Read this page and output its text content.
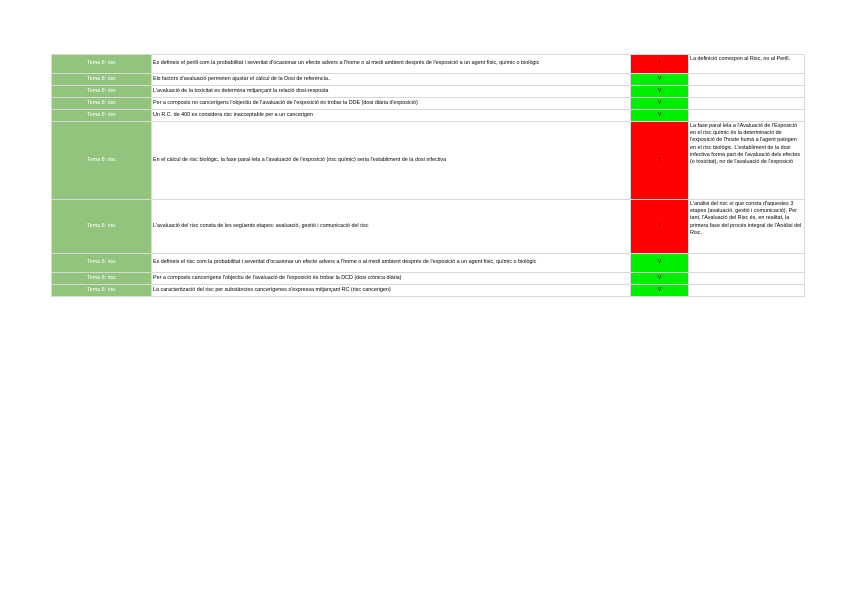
Tema 8: risc	Es defineix el perill com la probabilitat i severitat d'ocasionar un efecte advers a l'home o al medi ambient després de l'exposició a un agent físic, químic o biològic	f	La definició correspon al Risc, no al Perill.
Tema 8: risc	Els factors d'avaluació permeten ajustar el càlcul de la Dosi de referència..	V	
Tema 8: risc	L'avaluació de la toxicitat es determina mitjançant la relació dosi-resposta	V	
Tema 8: risc	Per a composts no cancerígens l'objectiu de l'avaluació de l'exposició és trobar la DDE (dosi diària d'exposició)	V	
Tema 8: risc	Un R.C. de 400 es considera risc inacceptable per a un cancerigen	V	
Tema 8: risc	En el càlcul de risc biològic, la fase paral·lela a l'avaluació de l'exposició (risc químic) seria l'establiment de la dosi infectiva	f	La fase paral·lela a l'Avaluació de l'Exposició en el risc químic és la determinació de l'exposició de l'hoste humà a l'agent patogen en el risc biològic. L'establiment de la dosi infectiva forma part de l'avaluació dels efectes (o toxicitat), no de l'avaluació de l'exposició
Tema 8: risc	L'avaluació del risc consta de les següents etapes: avaluació, gestió i comunicació del risc	f	L'anàlisi del risc sí que consta d'aquestes 3 etapes (avaluació, gestió i comunicació). Per tant, l'Avaluació del Risc és, en realitat, la primera fase del procés integral de l'Anàlisi del Risc.
Tema 8: risc	Es defineix el risc com la probabilitat i severitat d'ocasionar un efecte advers a l'home o al medi ambient després de l'exposició a un agent físic, químic o biològic	V	
Tema 8: risc	Per a composts cancerígens l'objectiu de l'avaluació de l'exposició és trobar la DCD (dosi crònica diària)	V	
Tema 8: risc	La caracterització del risc per substàncies cancerígenes s'expressa mitjançant RC (risc cancerigen)	V	
